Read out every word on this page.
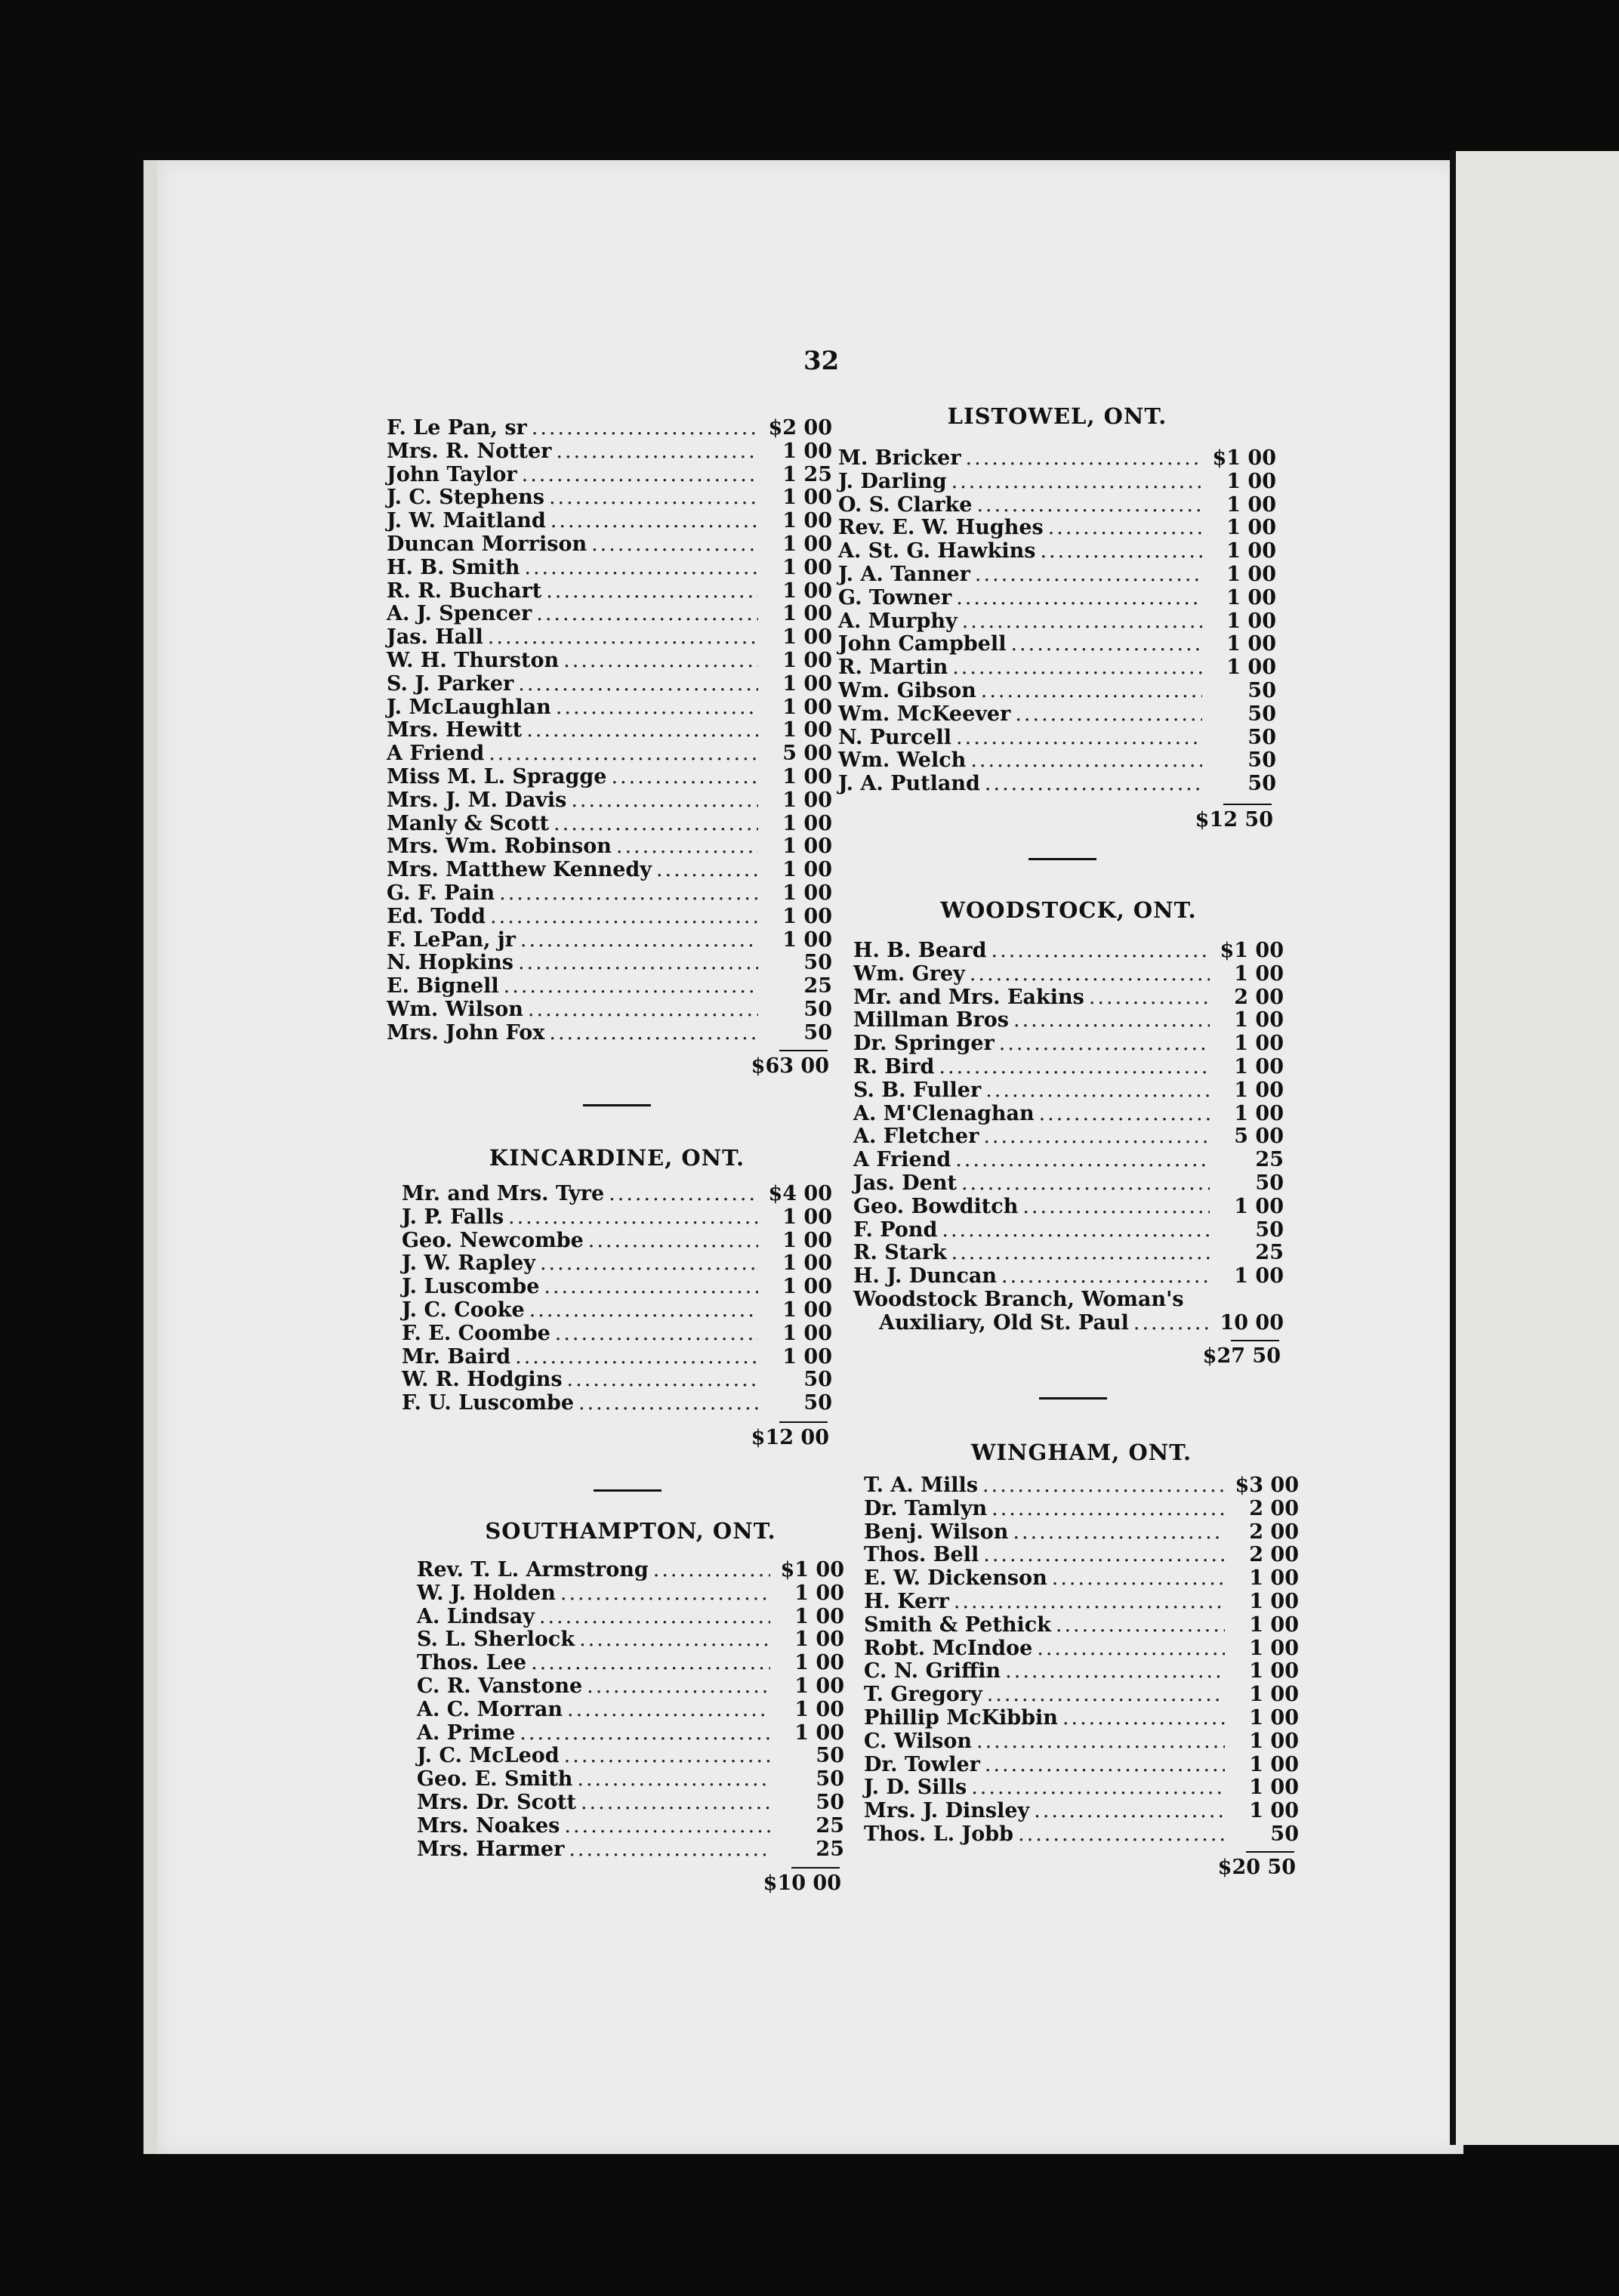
32
F. Le Pan, sr .....	$2 00
Mrs. R. Notter .....	1 00
John Taylor .....	1 25
J. C. Stephens .....	1 00
J. W. Maitland .....	1 00
Duncan Morrison .....	1 00
H. B. Smith .....	1 00
R. R. Buchart .....	1 00
A. J. Spencer .....	1 00
Jas. Hall .....	1 00
W. H. Thurston .....	1 00
S. J. Parker .....	1 00
J. McLaughlan .....	1 00
Mrs. Hewitt .....	1 00
A Friend .....	5 00
Miss M. L. Spragge .....	1 00
Mrs. J. M. Davis .....	1 00
Manly & Scott .....	1 00
Mrs. Wm. Robinson .....	1 00
Mrs. Matthew Kennedy .....	1 00
G. F. Pain .....	1 00
Ed. Todd .....	1 00
F. LePan, jr .....	1 00
N. Hopkins .....	50
E. Bignell .....	25
Wm. Wilson .....	50
Mrs. John Fox .....	50
$63 00
KINCARDINE, ONT.
Mr. and Mrs. Tyre .....	$4 00
J. P. Falls .....	1 00
Geo. Newcombe .....	1 00
J. W. Rapley .....	1 00
J. Luscombe .....	1 00
J. C. Cooke .....	1 00
F. E. Coombe .....	1 00
Mr. Baird .....	1 00
W. R. Hodgins .....	50
F. U. Luscombe .....	50
$12 00
SOUTHAMPTON, ONT.
Rev. T. L. Armstrong .....	$1 00
W. J. Holden .....	1 00
A. Lindsay .....	1 00
S. L. Sherlock .....	1 00
Thos. Lee .....	1 00
C. R. Vanstone .....	1 00
A. C. Morran .....	1 00
A. Prime .....	1 00
J. C. McLeod .....	50
Geo. E. Smith .....	50
Mrs. Dr. Scott .....	50
Mrs. Noakes .....	25
Mrs. Harmer .....	25
$10 00
LISTOWEL, ONT.
M. Bricker .....	$1 00
J. Darling .....	1 00
O. S. Clarke .....	1 00
Rev. E. W. Hughes .....	1 00
A. St. G. Hawkins .....	1 00
J. A. Tanner .....	1 00
G. Towner .....	1 00
A. Murphy .....	1 00
John Campbell .....	1 00
R. Martin .....	1 00
Wm. Gibson .....	50
Wm. McKeever .....	50
N. Purcell .....	50
Wm. Welch .....	50
J. A. Putland .....	50
$12 50
WOODSTOCK, ONT.
H. B. Beard .....	$1 00
Wm. Grey .....	1 00
Mr. and Mrs. Eakins .....	2 00
Millman Bros .....	1 00
Dr. Springer .....	1 00
R. Bird .....	1 00
S. B. Fuller .....	1 00
A. M'Clenaghan .....	1 00
A. Fletcher .....	5 00
A Friend .....	25
Jas. Dent .....	50
Geo. Bowditch .....	1 00
F. Pond .....	50
R. Stark .....	25
H. J. Duncan .....	1 00
Woodstock Branch, Woman's
Auxiliary, Old St. Paul .....	10 00
$27 50
WINGHAM, ONT.
T. A. Mills .....	$3 00
Dr. Tamlyn .....	2 00
Benj. Wilson .....	2 00
Thos. Bell .....	2 00
E. W. Dickenson .....	1 00
H. Kerr .....	1 00
Smith & Pethick .....	1 00
Robt. McIndoe .....	1 00
C. N. Griffin .....	1 00
T. Gregory .....	1 00
Phillip McKibbin .....	1 00
C. Wilson .....	1 00
Dr. Towler .....	1 00
J. D. Sills .....	1 00
Mrs. J. Dinsley .....	1 00
Thos. L. Jobb .....	50
$20 50
